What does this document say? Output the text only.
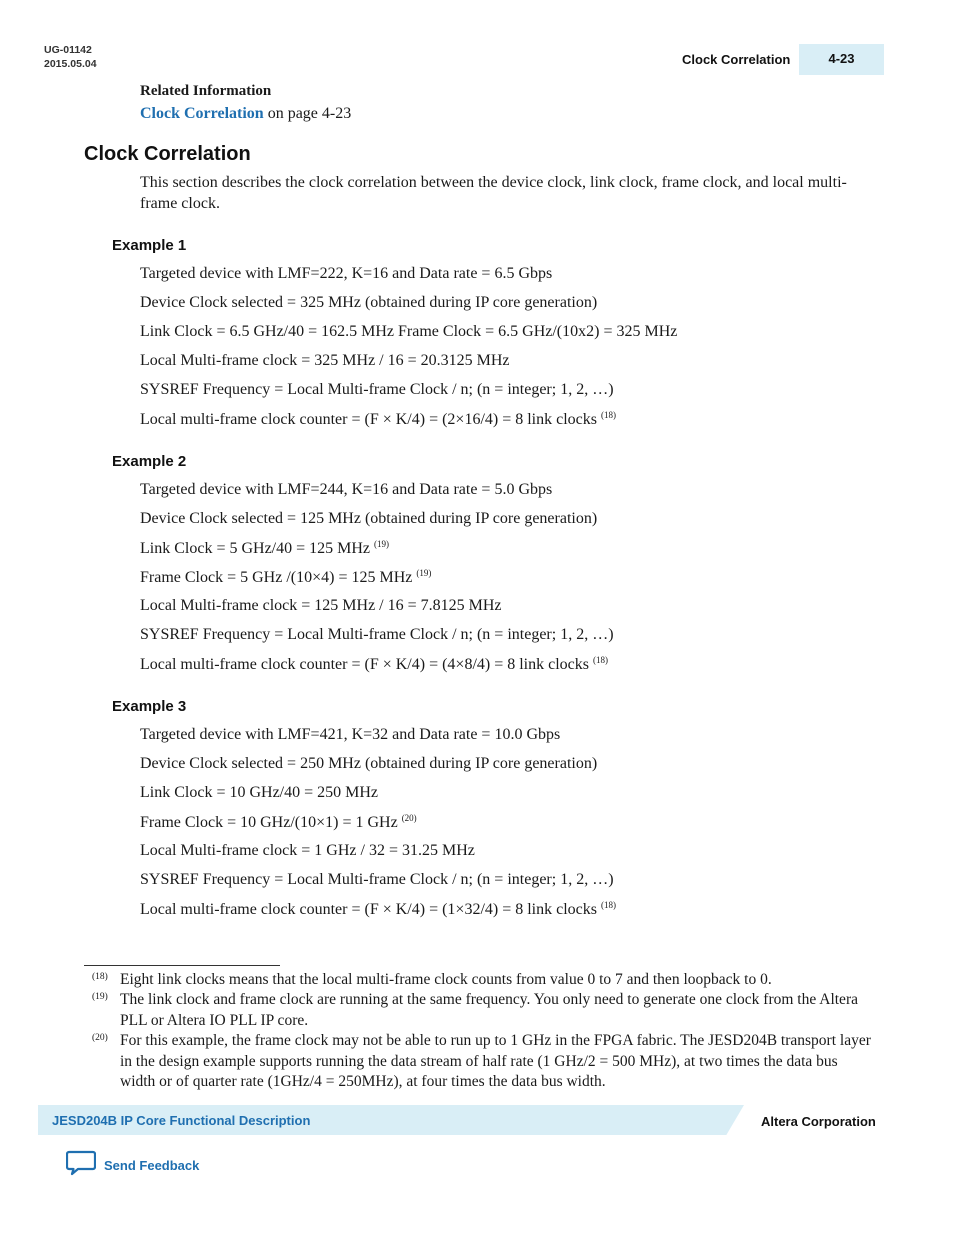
UG-01142
2015.05.04	Clock Correlation	4-23
Related Information
Clock Correlation on page 4-23
Clock Correlation

This section describes the clock correlation between the device clock, link clock, frame clock, and local multi-frame clock.

Example 1

Targeted device with LMF=222, K=16 and Data rate = 6.5 Gbps

Device Clock selected = 325 MHz (obtained during IP core generation)

Link Clock = 6.5 GHz/40 = 162.5 MHz Frame Clock = 6.5 GHz/(10x2) = 325 MHz

Local Multi-frame clock = 325 MHz / 16 = 20.3125 MHz

SYSREF Frequency = Local Multi-frame Clock / n; (n = integer; 1, 2, …)

Local multi-frame clock counter = (F × K/4) = (2×16/4) = 8 link clocks $^{(18)}$

Example 2

Targeted device with LMF=244, K=16 and Data rate = 5.0 Gbps

Device Clock selected = 125 MHz (obtained during IP core generation)

Link Clock = 5 GHz/40 = 125 MHz $^{(19)}$

Frame Clock = 5 GHz /(10×4) = 125 MHz $^{(19)}$

Local Multi-frame clock = 125 MHz / 16 = 7.8125 MHz

SYSREF Frequency = Local Multi-frame Clock / n; (n = integer; 1, 2, …)

Local multi-frame clock counter = (F × K/4) = (4×8/4) = 8 link clocks $^{(18)}$

Example 3

Targeted device with LMF=421, K=32 and Data rate = 10.0 Gbps

Device Clock selected = 250 MHz (obtained during IP core generation)

Link Clock = 10 GHz/40 = 250 MHz

Frame Clock = 10 GHz/(10×1) = 1 GHz $^{(20)}$

Local Multi-frame clock = 1 GHz / 32 = 31.25 MHz

SYSREF Frequency = Local Multi-frame Clock / n; (n = integer; 1, 2, …)

Local multi-frame clock counter = (F × K/4) = (1×32/4) = 8 link clocks $^{(18)}$

(18) Eight link clocks means that the local multi-frame clock counts from value 0 to 7 and then loopback to 0.
(19) The link clock and frame clock are running at the same frequency. You only need to generate one clock from the Altera PLL or Altera IO PLL IP core.
(20) For this example, the frame clock may not be able to run up to 1 GHz in the FPGA fabric. The JESD204B transport layer in the design example supports running the data stream of half rate (1 GHz/2 = 500 MHz), at two times the data bus width or of quarter rate (1GHz/4 = 250MHz), at four times the data bus width.
JESD204B IP Core Functional Description	Altera Corporation
Send Feedback
